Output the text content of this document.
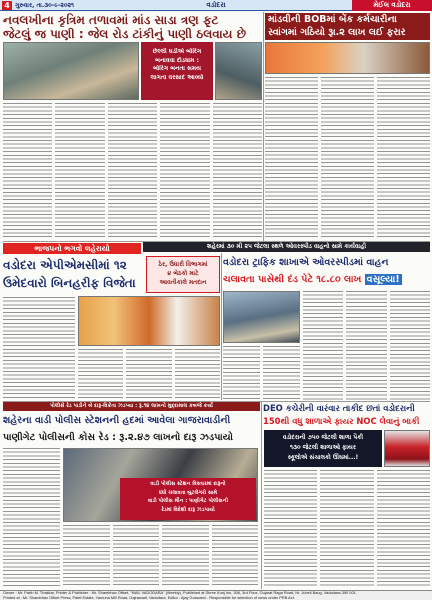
4 ગુરુવાર, તા.૩૦-૯-૨૦૨૧	વડોદરા	મેઈલ વડોદરા
નવલખીના કૃત્રિમ તળાવમાં માંડ સાડા ત્રણ ફૂટ
જેટલું જ પાણી : જેલ રોડ ટાંકીનું પાણી ઠલવાય છે
છેલ્લી ઘડીએ બોરિંગ
બનાવવા દોડધામ :
બોરિંગ બનતા સમય
લાગતા વરસાદ આવ્યો
માંડવીની BOBમાં બેંક કર્મચારીના
સ્વાંગમાં ગઠિયો રૂા.૨ લાખ લઈ ફરાર
શહેરમાં ૩૦ મી ૨૫ જેટલા સ્થળે ઓવરસ્પીડ વાહનો સામે કાર્યવાહી
ભાજપનો ભગવો લહેરાયો
વડોદરા એપીએમસીમાં ૧૨
ઉમેદવારો બિનહરીફ વિજેતા
ઠેર, ઉધારી વિભાગમાં
૪ બેઠકો માટે
આવતીકાલે મતદાન
વડોદરા ટ્રાફિક શાખાએ ઓવરસ્પીડમાં વાહન
ચલાવતા પાસેથી દંડ પેટે ૧૮.૮૦ લાખ વસૂલ્યા!
પોલીસે રેડ પાડીને બે દારૂ-વિક્રેતા ઝડપ્યા : રૂ.૧૪ લાખનો મુદ્દામાલ કબજે કર્યો
શહેરના વાડી પોલીસ સ્ટેશનની હદમાં આવેલા ગાજરાવાડીની
પાણીગેટ પોલીસની કોસ રેડ : રૂ.૨.૪૭ લાખનો દારૂ ઝડપાયો
વાડી પોલીસ સ્ટેશન વિસ્તારમાં દારૂનો
ધંધો ચલાવતા બુટલેગરો સામે
વાડી પોલીસ મૌન : પાણીગેટ પોલીસની
રેડમાં વિદેશી દારૂ ઝડપાયો
DEO કચેરીની વારંવાર તાકીદ છતાં વડોદરાની
150થી વધુ શાળાએ ફાયર NOC લેવાનું બાકી
વડોદરાની ૭૫૦ જેટલી શાળા પૈકી
૧૩૦ જેટલી શાળાઓ ફાયર
સ્કૂલોએ સંચાલકો ઊંઘમાં...!
Owner : Mr. Parth M. Thakkar, Printer & Publisher : Mr. Shambhav Offset, "MAIL VADODARA" (Weekly), Published at Shree Kunj Inn, 306, 3rd Floor, Gujarat Raga Road, Nr. Jubeli Baug, Vadodara-390 001.
Printed at : Mr. Shambhav Offset Press, Patel Estate, Yamuna Mill Road, Gajrawadi, Vadodara. Editor : Ajay Goswami - Responsible for selection of news under PRB Act.
